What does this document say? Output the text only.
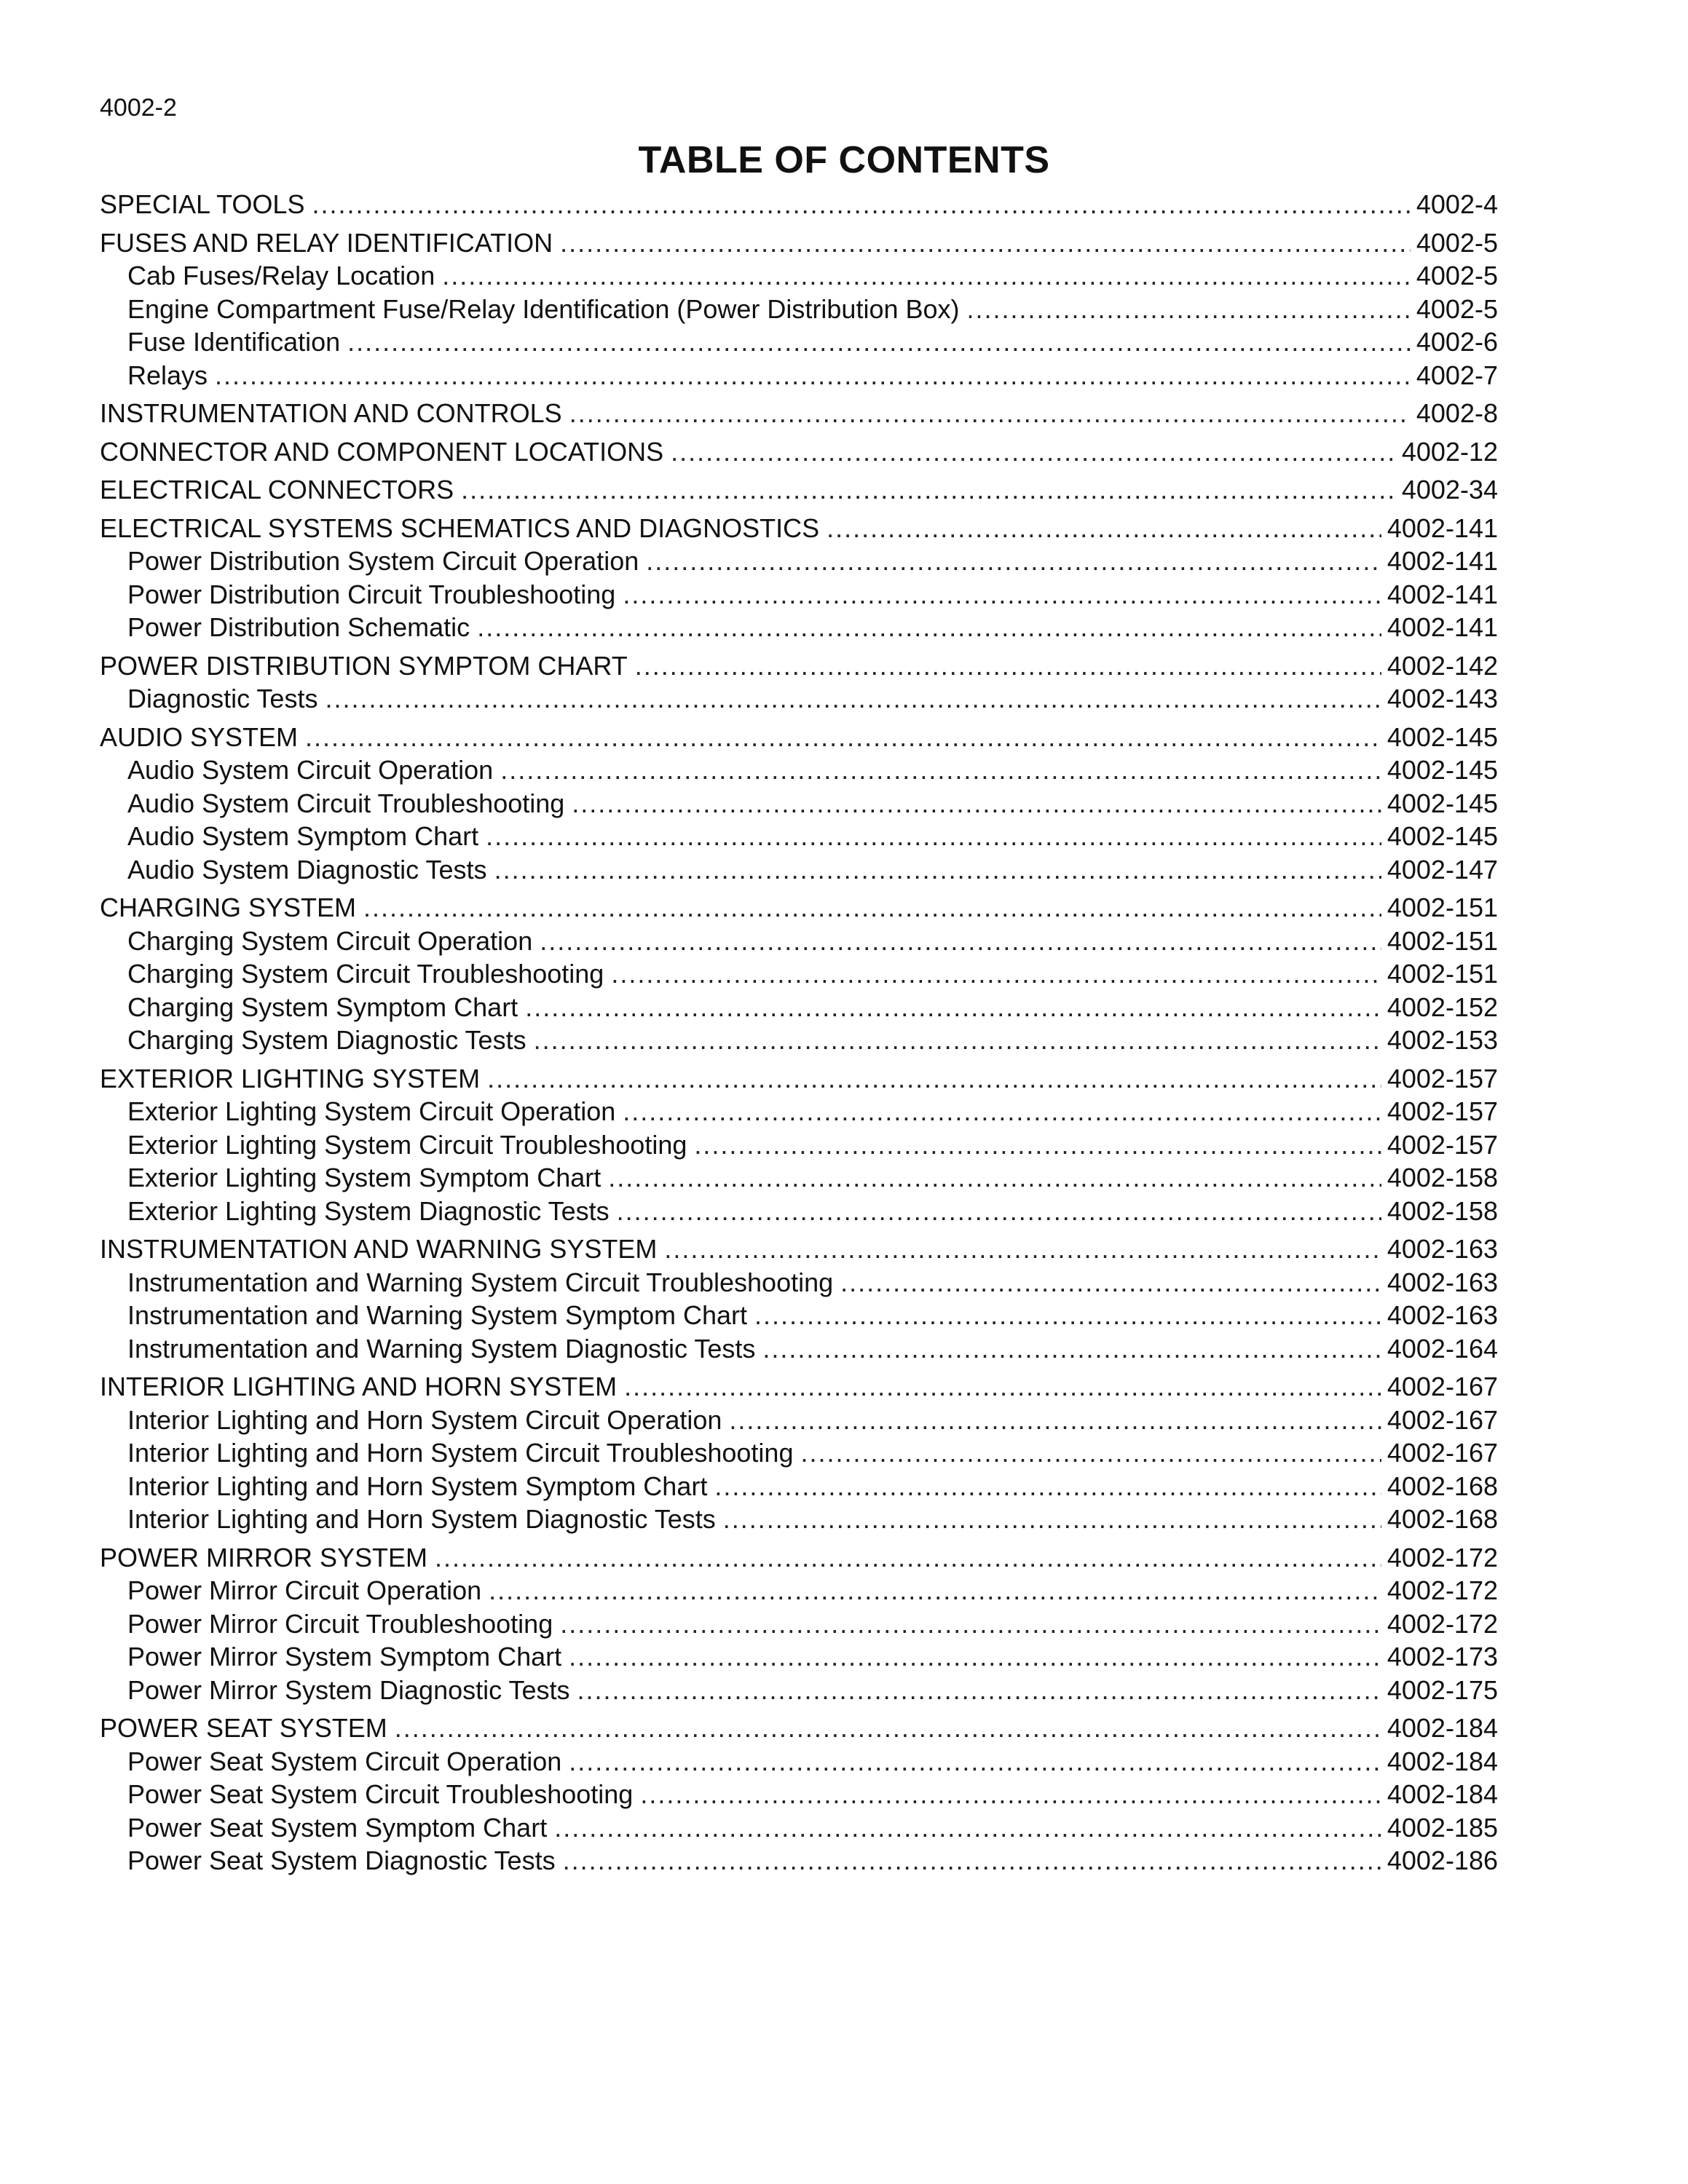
4002-2
TABLE OF CONTENTS
SPECIAL TOOLS .....	4002-4
FUSES AND RELAY IDENTIFICATION .....	4002-5
Cab Fuses/Relay Location .....	4002-5
Engine Compartment Fuse/Relay Identification (Power Distribution Box) .....	4002-5
Fuse Identification .....	4002-6
Relays .....	4002-7
INSTRUMENTATION AND CONTROLS .....	4002-8
CONNECTOR AND COMPONENT LOCATIONS .....	4002-12
ELECTRICAL CONNECTORS .....	4002-34
ELECTRICAL SYSTEMS SCHEMATICS AND DIAGNOSTICS .....	4002-141
Power Distribution System Circuit Operation .....	4002-141
Power Distribution Circuit Troubleshooting .....	4002-141
Power Distribution Schematic .....	4002-141
POWER DISTRIBUTION SYMPTOM CHART .....	4002-142
Diagnostic Tests .....	4002-143
AUDIO SYSTEM .....	4002-145
Audio System Circuit Operation .....	4002-145
Audio System Circuit Troubleshooting .....	4002-145
Audio System Symptom Chart .....	4002-145
Audio System Diagnostic Tests .....	4002-147
CHARGING SYSTEM .....	4002-151
Charging System Circuit Operation .....	4002-151
Charging System Circuit Troubleshooting .....	4002-151
Charging System Symptom Chart .....	4002-152
Charging System Diagnostic Tests .....	4002-153
EXTERIOR LIGHTING SYSTEM .....	4002-157
Exterior Lighting System Circuit Operation .....	4002-157
Exterior Lighting System Circuit Troubleshooting .....	4002-157
Exterior Lighting System Symptom Chart .....	4002-158
Exterior Lighting System Diagnostic Tests .....	4002-158
INSTRUMENTATION AND WARNING SYSTEM .....	4002-163
Instrumentation and Warning System Circuit Troubleshooting .....	4002-163
Instrumentation and Warning System Symptom Chart .....	4002-163
Instrumentation and Warning System Diagnostic Tests .....	4002-164
INTERIOR LIGHTING AND HORN SYSTEM .....	4002-167
Interior Lighting and Horn System Circuit Operation .....	4002-167
Interior Lighting and Horn System Circuit Troubleshooting .....	4002-167
Interior Lighting and Horn System Symptom Chart .....	4002-168
Interior Lighting and Horn System Diagnostic Tests .....	4002-168
POWER MIRROR SYSTEM .....	4002-172
Power Mirror Circuit Operation .....	4002-172
Power Mirror Circuit Troubleshooting .....	4002-172
Power Mirror System Symptom Chart .....	4002-173
Power Mirror System Diagnostic Tests .....	4002-175
POWER SEAT SYSTEM .....	4002-184
Power Seat System Circuit Operation .....	4002-184
Power Seat System Circuit Troubleshooting .....	4002-184
Power Seat System Symptom Chart .....	4002-185
Power Seat System Diagnostic Tests .....	4002-186
